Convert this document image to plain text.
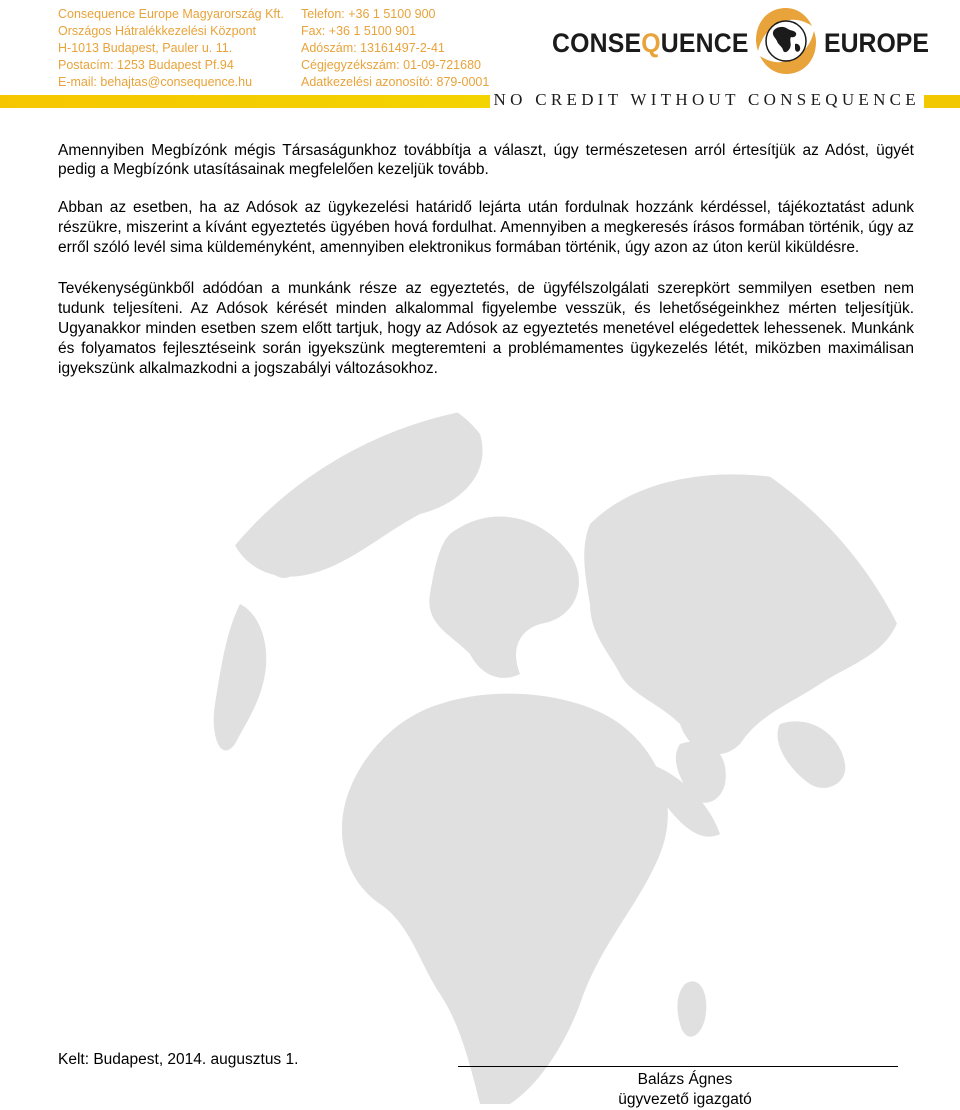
Consequence Europe Magyarország Kft.
Országos Hátralékkezelési Központ
H-1013 Budapest, Pauler u. 11.
Postacím: 1253 Budapest Pf.94
E-mail: behajtas@consequence.hu
Telefon: +36 1 5100 900
Fax: +36 1 5100 901
Adószám: 13161497-2-41
Cégjegyzékszám: 01-09-721680
Adatkezelési azonosító: 879-0001
CONSEQUENCE	EUROPE
NO CREDIT WITHOUT CONSEQUENCE

Amennyiben Megbízónk mégis Társaságunkhoz továbbítja a választ, úgy természetesen arról értesítjük az Adóst, ügyét pedig a Megbízónk utasításainak megfelelően kezeljük tovább.

Abban az esetben, ha az Adósok az ügykezelési határidő lejárta után fordulnak hozzánk kérdéssel, tájékoztatást adunk részükre, miszerint a kívánt egyeztetés ügyében hová fordulhat. Amennyiben a megkeresés írásos formában történik, úgy az erről szóló levél sima küldeményként, amennyiben elektronikus formában történik, úgy azon az úton kerül kiküldésre.

Tevékenységünkből adódóan a munkánk része az egyeztetés, de ügyfélszolgálati szerepkört semmilyen esetben nem tudunk teljesíteni. Az Adósok kérését minden alkalommal figyelembe vesszük, és lehetőségeinkhez mérten teljesítjük. Ugyanakkor minden esetben szem előtt tartjuk, hogy az Adósok az egyeztetés menetével elégedettek lehessenek. Munkánk és folyamatos fejlesztéseink során igyekszünk megteremteni a problémamentes ügykezelés létét, miközben maximálisan igyekszünk alkalmazkodni a jogszabályi változásokhoz.

Kelt: Budapest, 2014. augusztus 1.
Balázs Ágnes
ügyvezető igazgató
